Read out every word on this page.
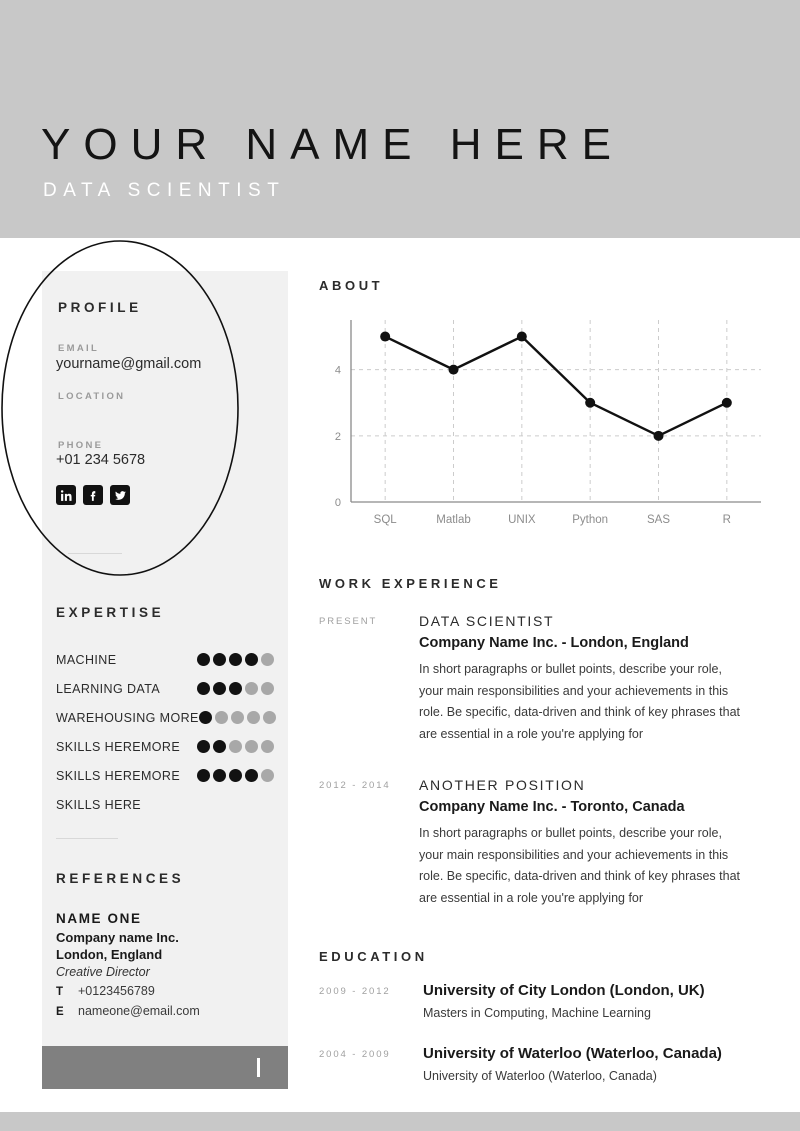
YOUR NAME HERE
DATA SCIENTIST
PROFILE
EMAIL
yourname@gmail.com
LOCATION
PHONE
+01 234 5678
EXPERTISE
MACHINE
LEARNING DATA
WAREHOUSING MORE
SKILLS HEREMORE
SKILLS HEREMORE
SKILLS HERE
REFERENCES
NAME ONE
Company name Inc.
London, England
Creative Director
T	+0123456789
E	nameone@email.com
ABOUT
0
2
4
SQL	Matlab	UNIX	Python	SAS	R
WORK EXPERIENCE
PRESENT	DATA SCIENTIST
Company Name Inc. - London, England
In short paragraphs or bullet points, describe your role, your main responsibilities and your achievements in this role. Be specific, data-driven and think of key phrases that are essential in a role you're applying for
2012 - 2014	ANOTHER POSITION
Company Name Inc. - Toronto, Canada
In short paragraphs or bullet points, describe your role, your main responsibilities and your achievements in this role. Be specific, data-driven and think of key phrases that are essential in a role you're applying for
EDUCATION
2009 - 2012	University of City London (London, UK)
Masters in Computing, Machine Learning
2004 - 2009	University of Waterloo (Waterloo, Canada)
University of Waterloo (Waterloo, Canada)
